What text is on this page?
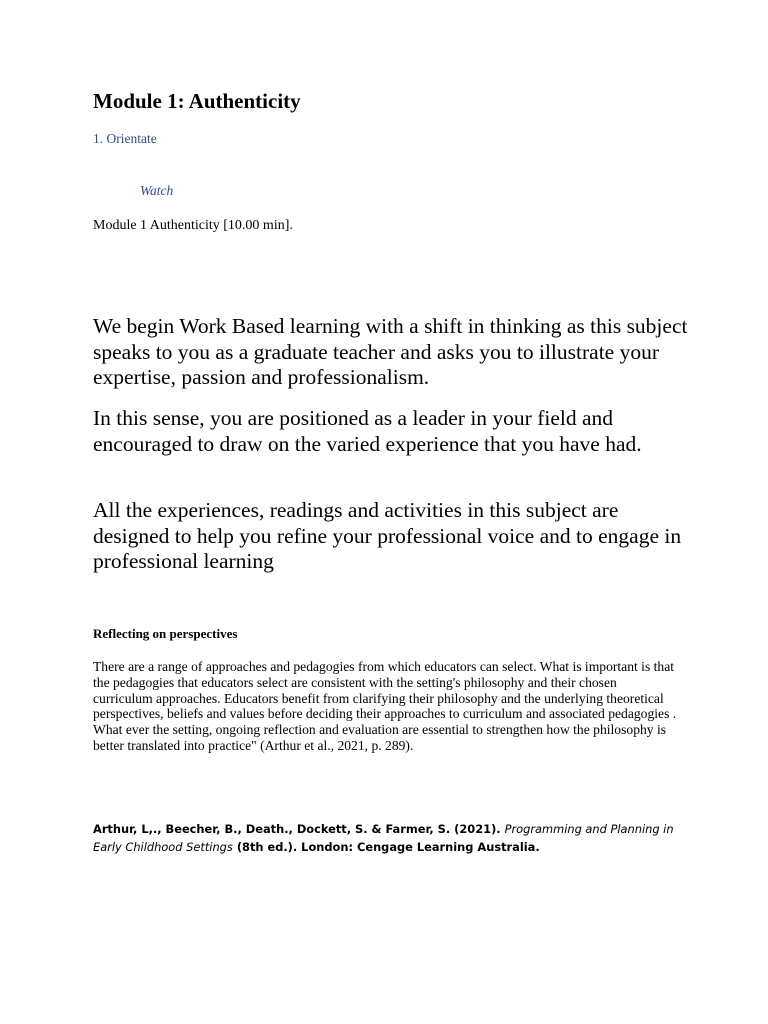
Module 1: Authenticity
1. Orientate
Watch
Module 1 Authenticity [10.00 min].

We begin Work Based learning with a shift in thinking as this subject speaks to you as a graduate teacher and asks you to illustrate your expertise, passion and professionalism.

In this sense, you are positioned as a leader in your field and encouraged to draw on the varied experience that you have had.

All the experiences, readings and activities in this subject are designed to help you refine your professional voice and to engage in professional learning

Reflecting on perspectives

There are a range of approaches and pedagogies from which educators can select. What is important is that the pedagogies that educators select are consistent with the setting's philosophy and their chosen curriculum approaches. Educators benefit from clarifying their philosophy and the underlying theoretical perspectives, beliefs and values before deciding their approaches to curriculum and associated pedagogies . What ever the setting, ongoing reflection and evaluation are essential to strengthen how the philosophy is better translated into practice" (Arthur et al., 2021, p. 289).

Arthur, L,., Beecher, B., Death., Dockett, S. & Farmer, S. (2021). Programming and Planning in Early Childhood Settings (8th ed.). London: Cengage Learning Australia.
